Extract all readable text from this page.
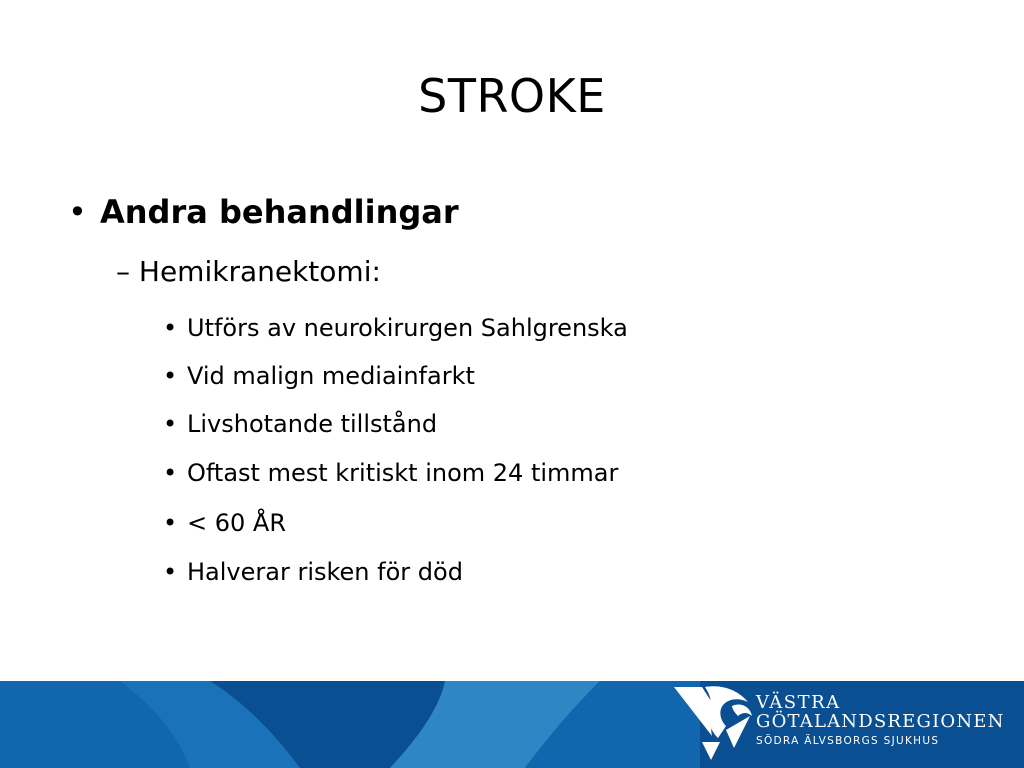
STROKE
• Andra behandlingar
– Hemikranektomi:
• Utförs av neurokirurgen Sahlgrenska
• Vid malign mediainfarkt
• Livshotande tillstånd
• Oftast mest kritiskt inom 24 timmar
• < 60 ÅR
• Halverar risken för död
VÄSTRA
GÖTALANDSREGIONEN
SÖDRA ÄLVSBORGS SJUKHUS
